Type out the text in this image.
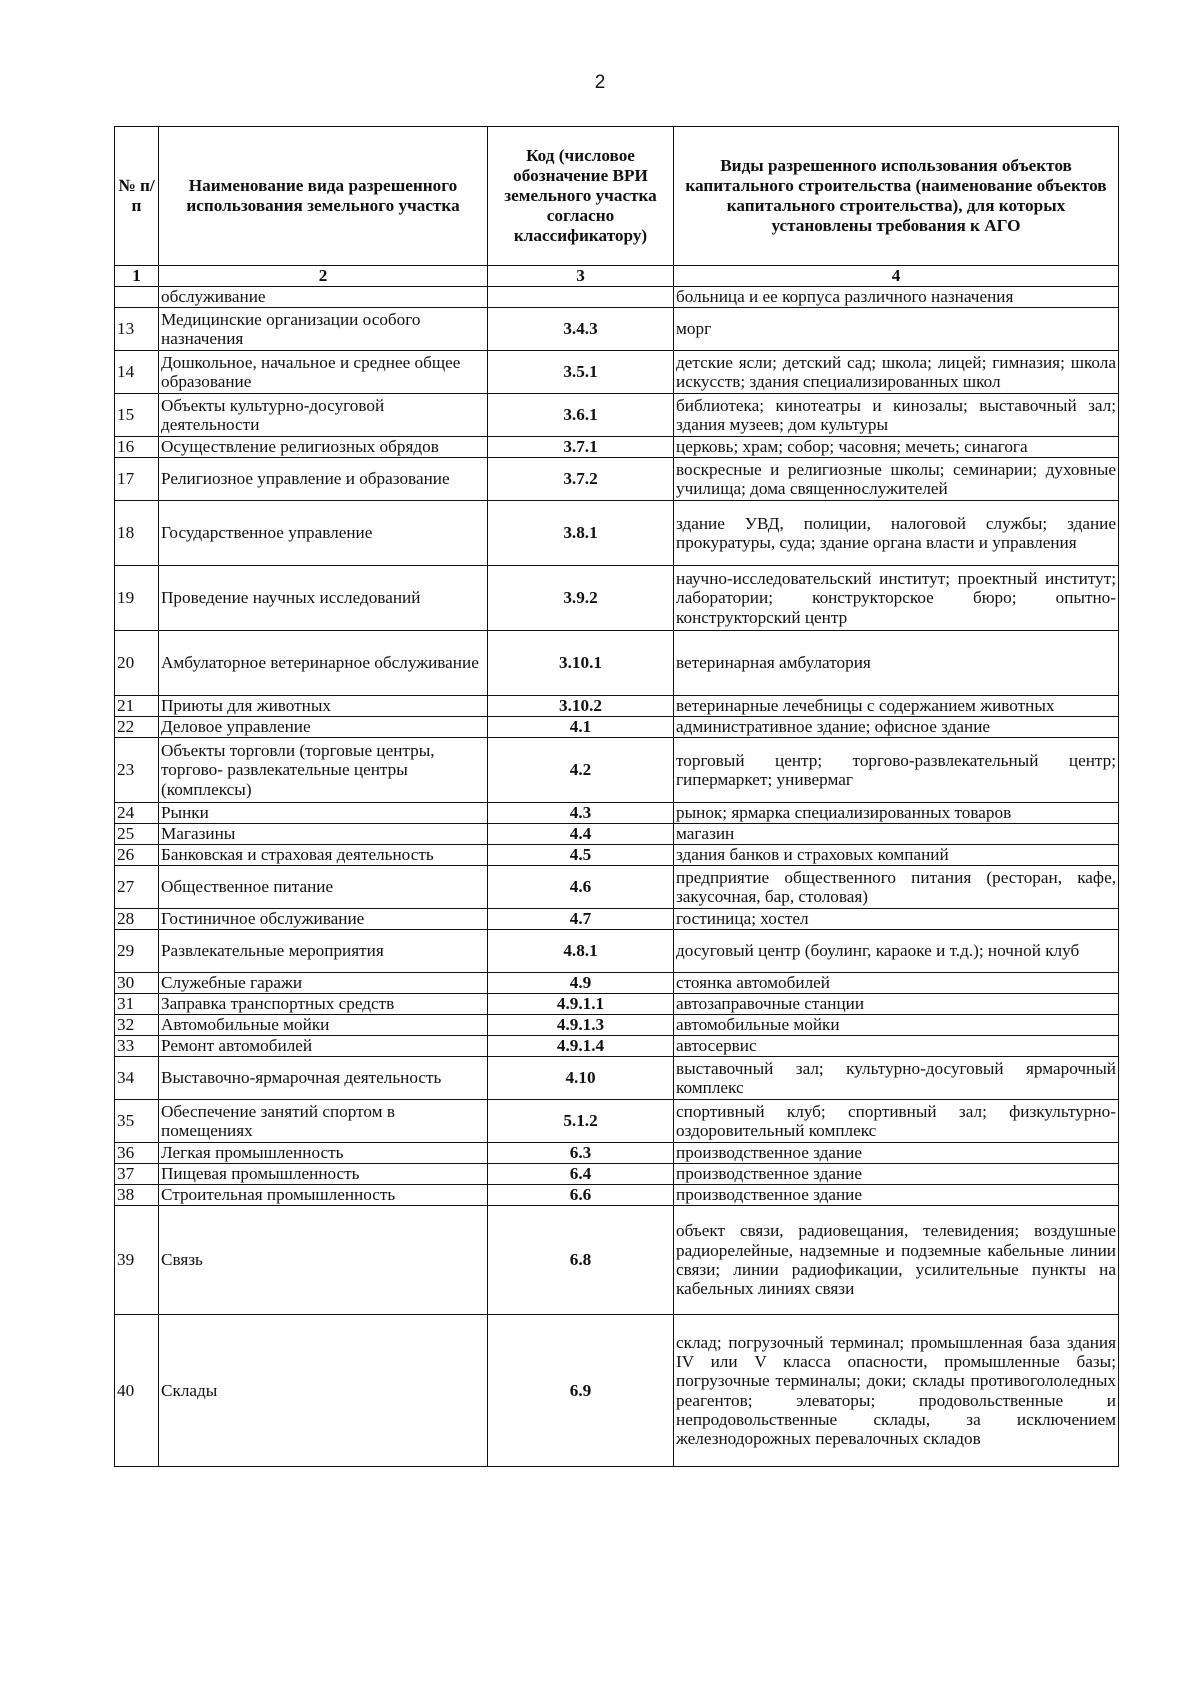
2
№ п/п	Наименование вида разрешенного использования земельного участка	Код (числовое обозначение ВРИ земельного участка согласно классификатору)	Виды разрешенного использования объектов капитального строительства (наименование объектов капитального строительства), для которых установлены требования к АГО
1	2	3	4
	обслуживание		больница и ее корпуса различного назначения
13	Медицинские организации особого назначения	3.4.3	морг
14	Дошкольное, начальное и среднее общее образование	3.5.1	детские ясли; детский сад; школа; лицей; гимназия; школа искусств; здания специализированных школ
15	Объекты культурно-досуговой деятельности	3.6.1	библиотека; кинотеатры и кинозалы; выставочный зал; здания музеев; дом культуры
16	Осуществление религиозных обрядов	3.7.1	церковь; храм; собор; часовня; мечеть; синагога
17	Религиозное управление и образование	3.7.2	воскресные и религиозные школы; семинарии; духовные училища; дома священнослужителей
18	Государственное управление	3.8.1	здание УВД, полиции, налоговой службы; здание прокуратуры, суда; здание органа власти и управления
19	Проведение научных исследований	3.9.2	научно-исследовательский институт; проектный институт; лаборатории; конструкторское бюро; опытно- конструкторский центр
20	Амбулаторное ветеринарное обслуживание	3.10.1	ветеринарная амбулатория
21	Приюты для животных	3.10.2	ветеринарные лечебницы с содержанием животных
22	Деловое управление	4.1	административное здание; офисное здание
23	Объекты торговли (торговые центры, торгово- развлекательные центры (комплексы)	4.2	торговый центр; торгово-развлекательный центр; гипермаркет; универмаг
24	Рынки	4.3	рынок; ярмарка специализированных товаров
25	Магазины	4.4	магазин
26	Банковская и страховая деятельность	4.5	здания банков и страховых компаний
27	Общественное питание	4.6	предприятие общественного питания (ресторан, кафе, закусочная, бар, столовая)
28	Гостиничное обслуживание	4.7	гостиница; хостел
29	Развлекательные мероприятия	4.8.1	досуговый центр (боулинг, караоке и т.д.); ночной клуб
30	Служебные гаражи	4.9	стоянка автомобилей
31	Заправка транспортных средств	4.9.1.1	автозаправочные станции
32	Автомобильные мойки	4.9.1.3	автомобильные мойки
33	Ремонт автомобилей	4.9.1.4	автосервис
34	Выставочно-ярмарочная деятельность	4.10	выставочный зал; культурно-досуговый ярмарочный комплекс
35	Обеспечение занятий спортом в помещениях	5.1.2	спортивный клуб; спортивный зал; физкультурно-оздоровительный комплекс
36	Легкая промышленность	6.3	производственное здание
37	Пищевая промышленность	6.4	производственное здание
38	Строительная промышленность	6.6	производственное здание
39	Связь	6.8	объект связи, радиовещания, телевидения; воздушные радиорелейные, надземные и подземные кабельные линии связи; линии радиофикации, усилительные пункты на кабельных линиях связи
40	Склады	6.9	склад; погрузочный терминал; промышленная база здания IV или V класса опасности, промышленные базы; погрузочные терминалы; доки; склады противогололедных реагентов; элеваторы; продовольственные и непродовольственные склады, за исключением железнодорожных перевалочных складов
